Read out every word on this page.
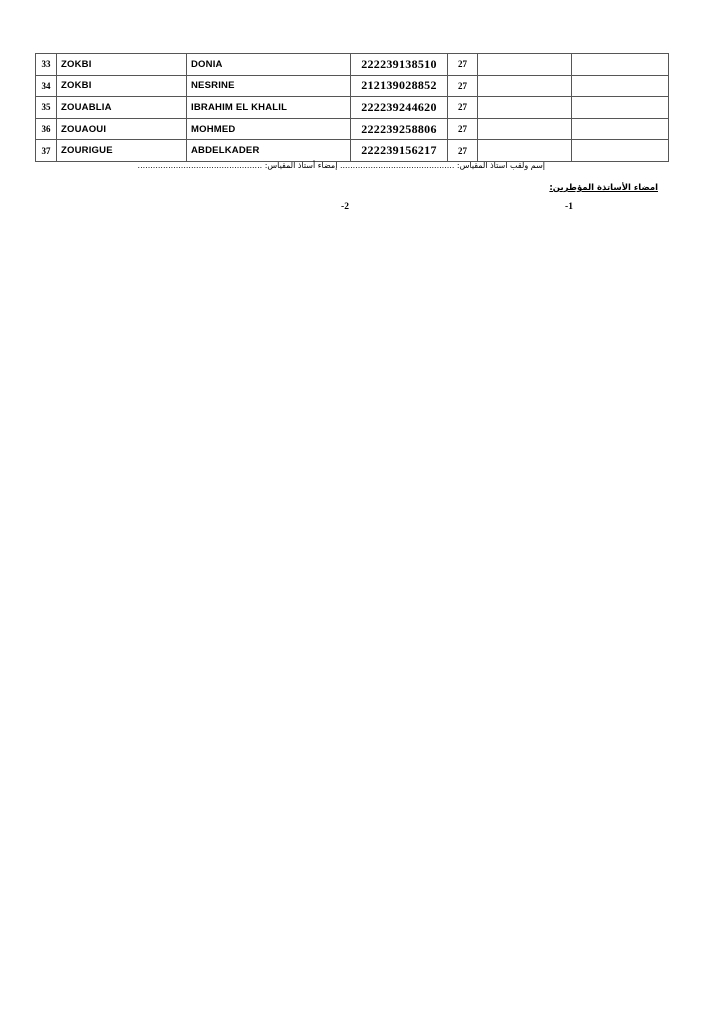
33	ZOKBI	DONIA	222239138510	27		
34	ZOKBI	NESRINE	212139028852	27		
35	ZOUABLIA	IBRAHIM EL KHALIL	222239244620	27		
36	ZOUAOUI	MOHMED	222239258806	27		
37	ZOURIGUE	ABDELKADER	222239156217	27		
إسم ولقب استاذ المقياس: ............................................. إمضاء أستاذ المقياس: .................................................
امضاء الأساتذة المؤطرين:
-2	-1
